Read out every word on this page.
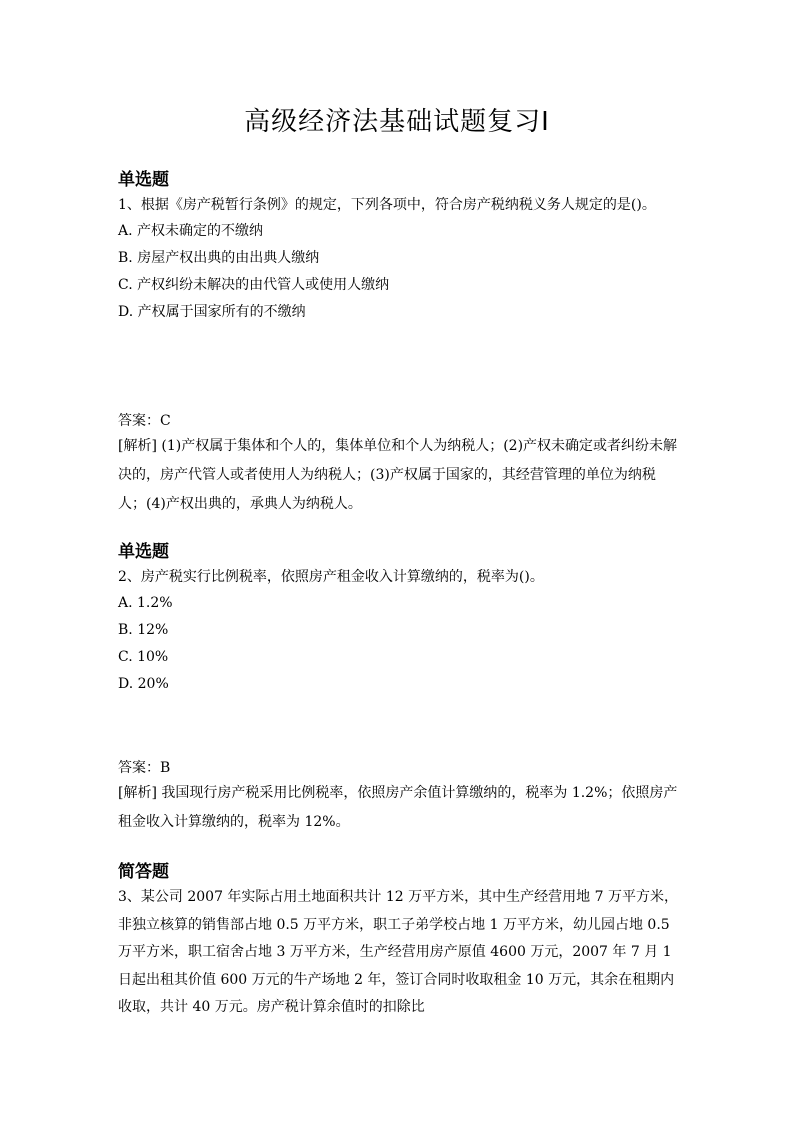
高级经济法基础试题复习Ⅰ

单选题

1、根据《房产税暂行条例》的规定，下列各项中，符合房产税纳税义务人规定的是()。

A. 产权未确定的不缴纳

B. 房屋产权出典的由出典人缴纳

C. 产权纠纷未解决的由代管人或使用人缴纳

D. 产权属于国家所有的不缴纳

答案：C

[解析] (1)产权属于集体和个人的，集体单位和个人为纳税人；(2)产权未确定或者纠纷未解决的，房产代管人或者使用人为纳税人；(3)产权属于国家的，其经营管理的单位为纳税人；(4)产权出典的，承典人为纳税人。

单选题

2、房产税实行比例税率，依照房产租金收入计算缴纳的，税率为()。

A. 1.2%

B. 12%

C. 10%

D. 20%

答案：B

[解析] 我国现行房产税采用比例税率，依照房产余值计算缴纳的，税率为 1.2%；依照房产租金收入计算缴纳的，税率为 12%。

简答题

3、某公司 2007 年实际占用土地面积共计 12 万平方米，其中生产经营用地 7 万平方米，非独立核算的销售部占地 0.5 万平方米，职工子弟学校占地 1 万平方米，幼儿园占地 0.5 万平方米，职工宿舍占地 3 万平方米，生产经营用房产原值 4600 万元，2007 年 7 月 1 日起出租其价值 600 万元的牛产场地 2 年，签订合同时收取租金 10 万元，其余在租期内收取，共计 40 万元。房产税计算余值时的扣除比
